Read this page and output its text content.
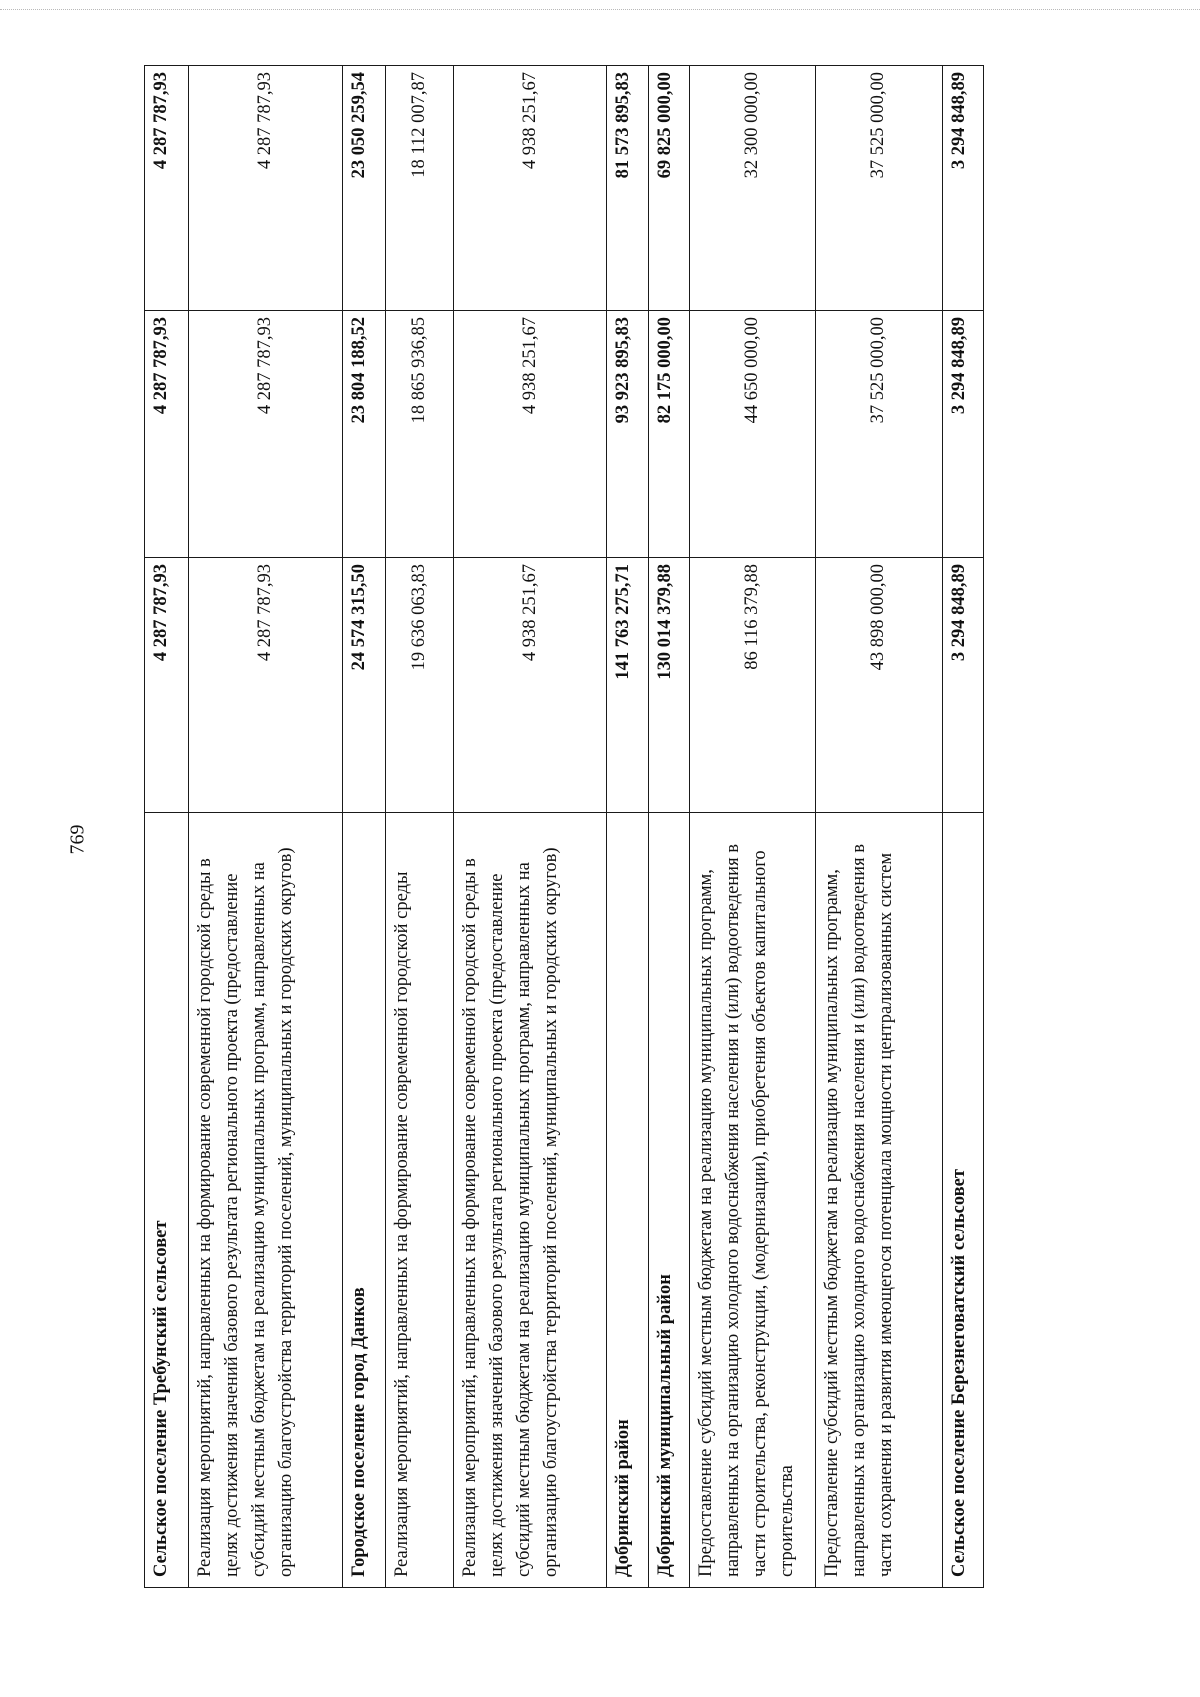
769
Сельское поселение Требунский сельсовет	4 287 787,93	4 287 787,93	4 287 787,93
Реализация мероприятий, направленных на формирование современной городской среды в целях достижения значений базового результата регионального проекта (предоставление субсидий местным бюджетам на реализацию муниципальных программ, направленных на организацию благоустройства территорий поселений, муниципальных и городских округов)	4 287 787,93	4 287 787,93	4 287 787,93
Городское поселение город Данков	24 574 315,50	23 804 188,52	23 050 259,54
Реализация мероприятий, направленных на формирование современной городской среды	19 636 063,83	18 865 936,85	18 112 007,87
Реализация мероприятий, направленных на формирование современной городской среды в целях достижения значений базового результата регионального проекта (предоставление субсидий местным бюджетам на реализацию муниципальных программ, направленных на организацию благоустройства территорий поселений, муниципальных и городских округов)	4 938 251,67	4 938 251,67	4 938 251,67
Добринский район	141 763 275,71	93 923 895,83	81 573 895,83
Добринский муниципальный район	130 014 379,88	82 175 000,00	69 825 000,00
Предоставление субсидий местным бюджетам на реализацию муниципальных программ, направленных на организацию холодного водоснабжения населения и (или) водоотведения в части строительства, реконструкции, (модернизации), приобретения объектов капитального строительства	86 116 379,88	44 650 000,00	32 300 000,00
Предоставление субсидий местным бюджетам на реализацию муниципальных программ, направленных на организацию холодного водоснабжения населения и (или) водоотведения в части сохранения и развития имеющегося потенциала мощности централизованных систем	43 898 000,00	37 525 000,00	37 525 000,00
Сельское поселение Березнеговатский сельсовет	3 294 848,89	3 294 848,89	3 294 848,89
